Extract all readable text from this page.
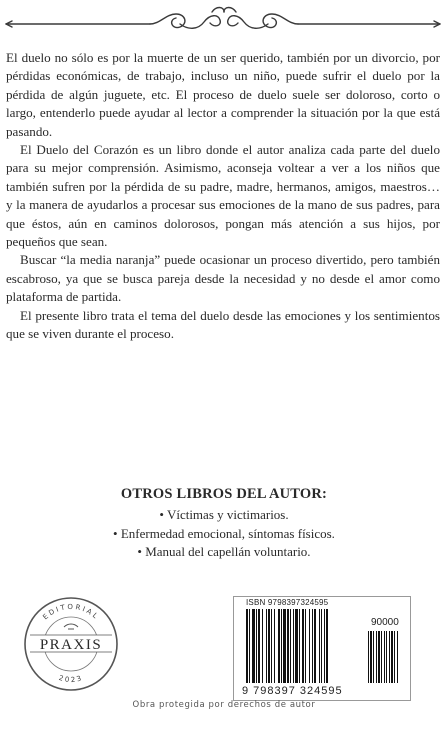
El duelo no sólo es por la muerte de un ser querido, también por un divorcio, por pérdidas económicas, de trabajo, incluso un niño, puede sufrir el duelo por la pérdida de algún juguete, etc. El proceso de duelo suele ser doloroso, corto o largo, entenderlo puede ayudar al lector a comprender la situación por la que está pasando.

El Duelo del Corazón es un libro donde el autor analiza cada parte del duelo para su mejor comprensión. Asimismo, aconseja voltear a ver a los niños que también sufren por la pérdida de su padre, madre, hermanos, amigos, maestros… y la manera de ayudarlos a procesar sus emociones de la mano de sus padres, para que éstos, aún en caminos dolorosos, pongan más atención a sus hijos, por pequeños que sean.

Buscar “la media naranja” puede ocasionar un proceso divertido, pero también escabroso, ya que se busca pareja desde la necesidad y no desde el amor como plataforma de partida.

El presente libro trata el tema del duelo desde las emociones y los sentimientos que se viven durante el proceso.

OTROS LIBROS DEL AUTOR:
• Víctimas y victimarios.
• Enfermedad emocional, síntomas físicos.
• Manual del capellán voluntario.
EDITORIAL
2023
PRAXIS
ISBN 9798397324595
90000
9 798397 324595
Obra protegida por derechos de autor
